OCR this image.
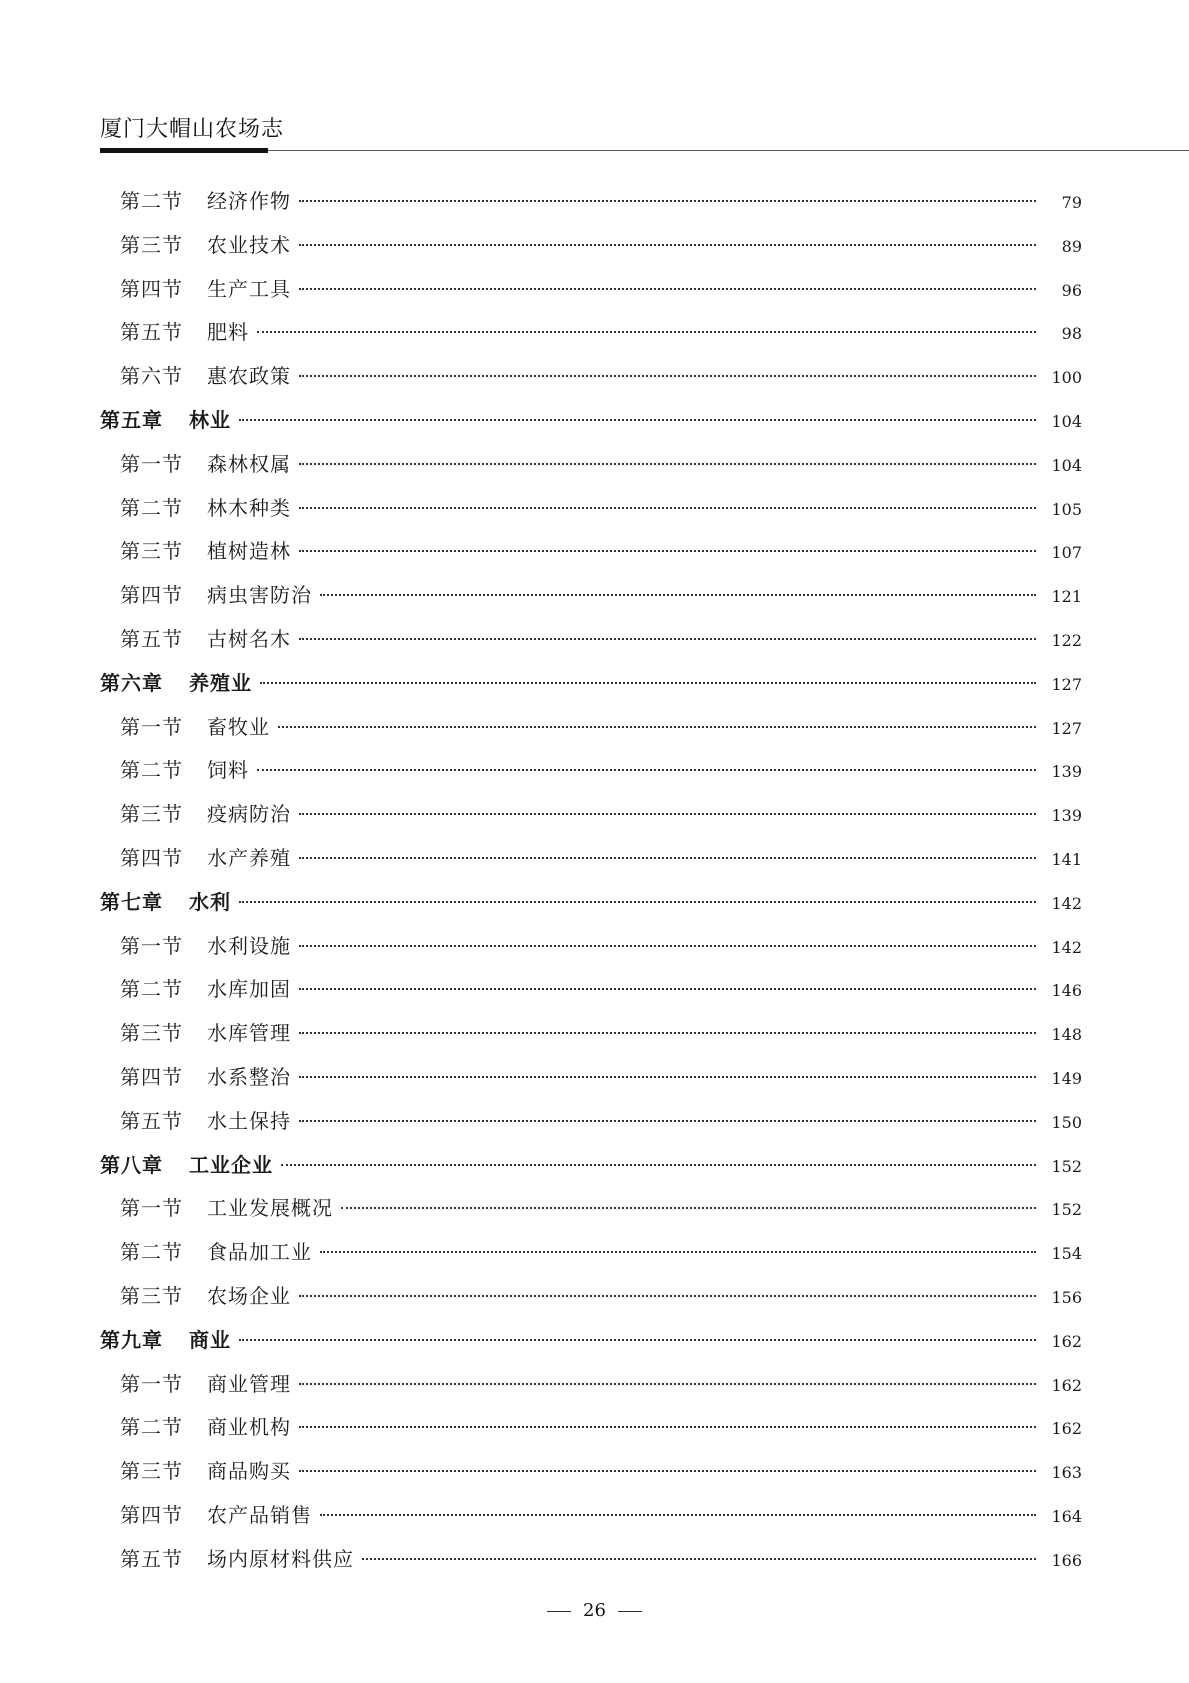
厦门大帽山农场志
第二节 经济作物	79
第三节 农业技术	89
第四节 生产工具	96
第五节 肥料	98
第六节 惠农政策	100
第五章 林业	104
第一节 森林权属	104
第二节 林木种类	105
第三节 植树造林	107
第四节 病虫害防治	121
第五节 古树名木	122
第六章 养殖业	127
第一节 畜牧业	127
第二节 饲料	139
第三节 疫病防治	139
第四节 水产养殖	141
第七章 水利	142
第一节 水利设施	142
第二节 水库加固	146
第三节 水库管理	148
第四节 水系整治	149
第五节 水土保持	150
第八章 工业企业	152
第一节 工业发展概况	152
第二节 食品加工业	154
第三节 农场企业	156
第九章 商业	162
第一节 商业管理	162
第二节 商业机构	162
第三节 商品购买	163
第四节 农产品销售	164
第五节 场内原材料供应	166
26
